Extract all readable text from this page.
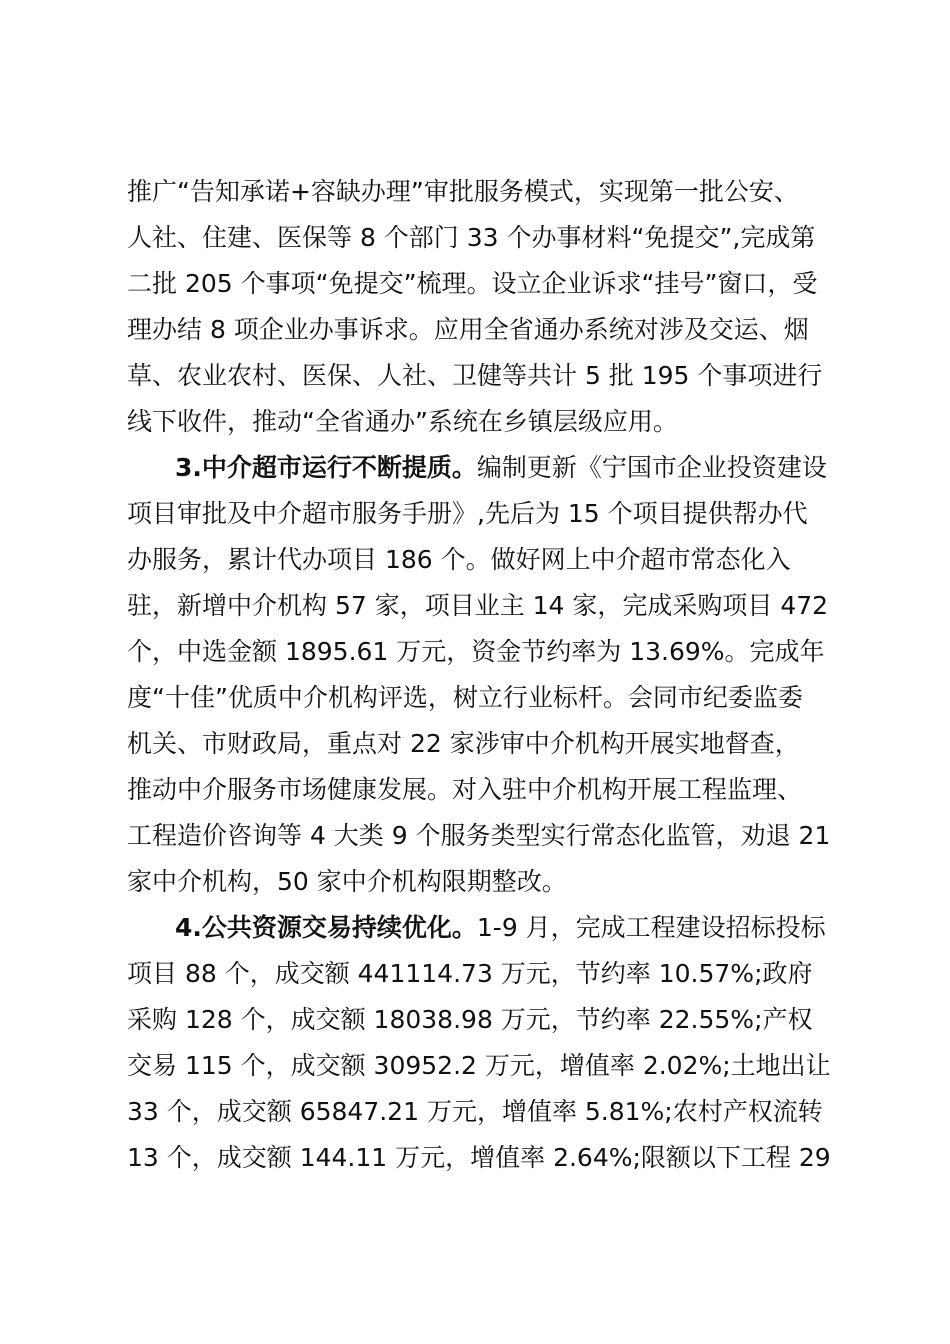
推广“告知承诺+容缺办理”审批服务模式，实现第一批公安、
人社、住建、医保等 8 个部门 33 个办事材料“免提交”,完成第
二批 205 个事项“免提交”梳理。设立企业诉求“挂号”窗口，受
理办结 8 项企业办事诉求。应用全省通办系统对涉及交运、烟
草、农业农村、医保、人社、卫健等共计 5 批 195 个事项进行
线下收件，推动“全省通办”系统在乡镇层级应用。
3.中介超市运行不断提质。编制更新《宁国市企业投资建设
项目审批及中介超市服务手册》,先后为 15 个项目提供帮办代
办服务，累计代办项目 186 个。做好网上中介超市常态化入
驻，新增中介机构 57 家，项目业主 14 家，完成采购项目 472
个，中选金额 1895.61 万元，资金节约率为 13.69%。完成年
度“十佳”优质中介机构评选，树立行业标杆。会同市纪委监委
机关、市财政局，重点对 22 家涉审中介机构开展实地督查，
推动中介服务市场健康发展。对入驻中介机构开展工程监理、
工程造价咨询等 4 大类 9 个服务类型实行常态化监管，劝退 21
家中介机构，50 家中介机构限期整改。
4.公共资源交易持续优化。1-9 月，完成工程建设招标投标
项目 88 个，成交额 441114.73 万元，节约率 10.57%;政府
采购 128 个，成交额 18038.98 万元，节约率 22.55%;产权
交易 115 个，成交额 30952.2 万元，增值率 2.02%;土地出让
33 个，成交额 65847.21 万元，增值率 5.81%;农村产权流转
13 个，成交额 144.11 万元，增值率 2.64%;限额以下工程 29
